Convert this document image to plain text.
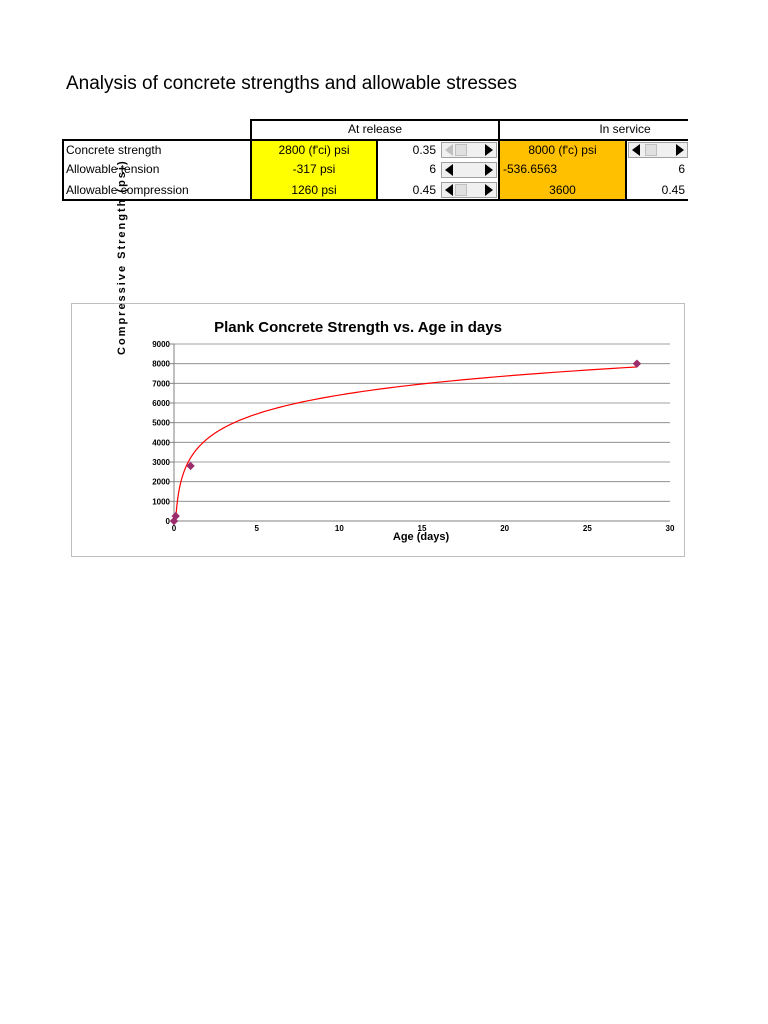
Analysis of concrete strengths and allowable stresses
At release	In service
Concrete strength	2800 (f'ci) psi	0.35	8000 (f'c) psi
Allowable tension	-317 psi	6	-536.6563	6
Allowable compression	1260 psi	0.45	3600	0.45
Plank Concrete Strength vs. Age in days
0
1000
2000
3000
4000
5000
6000
7000
8000
9000
0	5	10	15	20	25	30
Age (days)
Compressive Strength (psi)
